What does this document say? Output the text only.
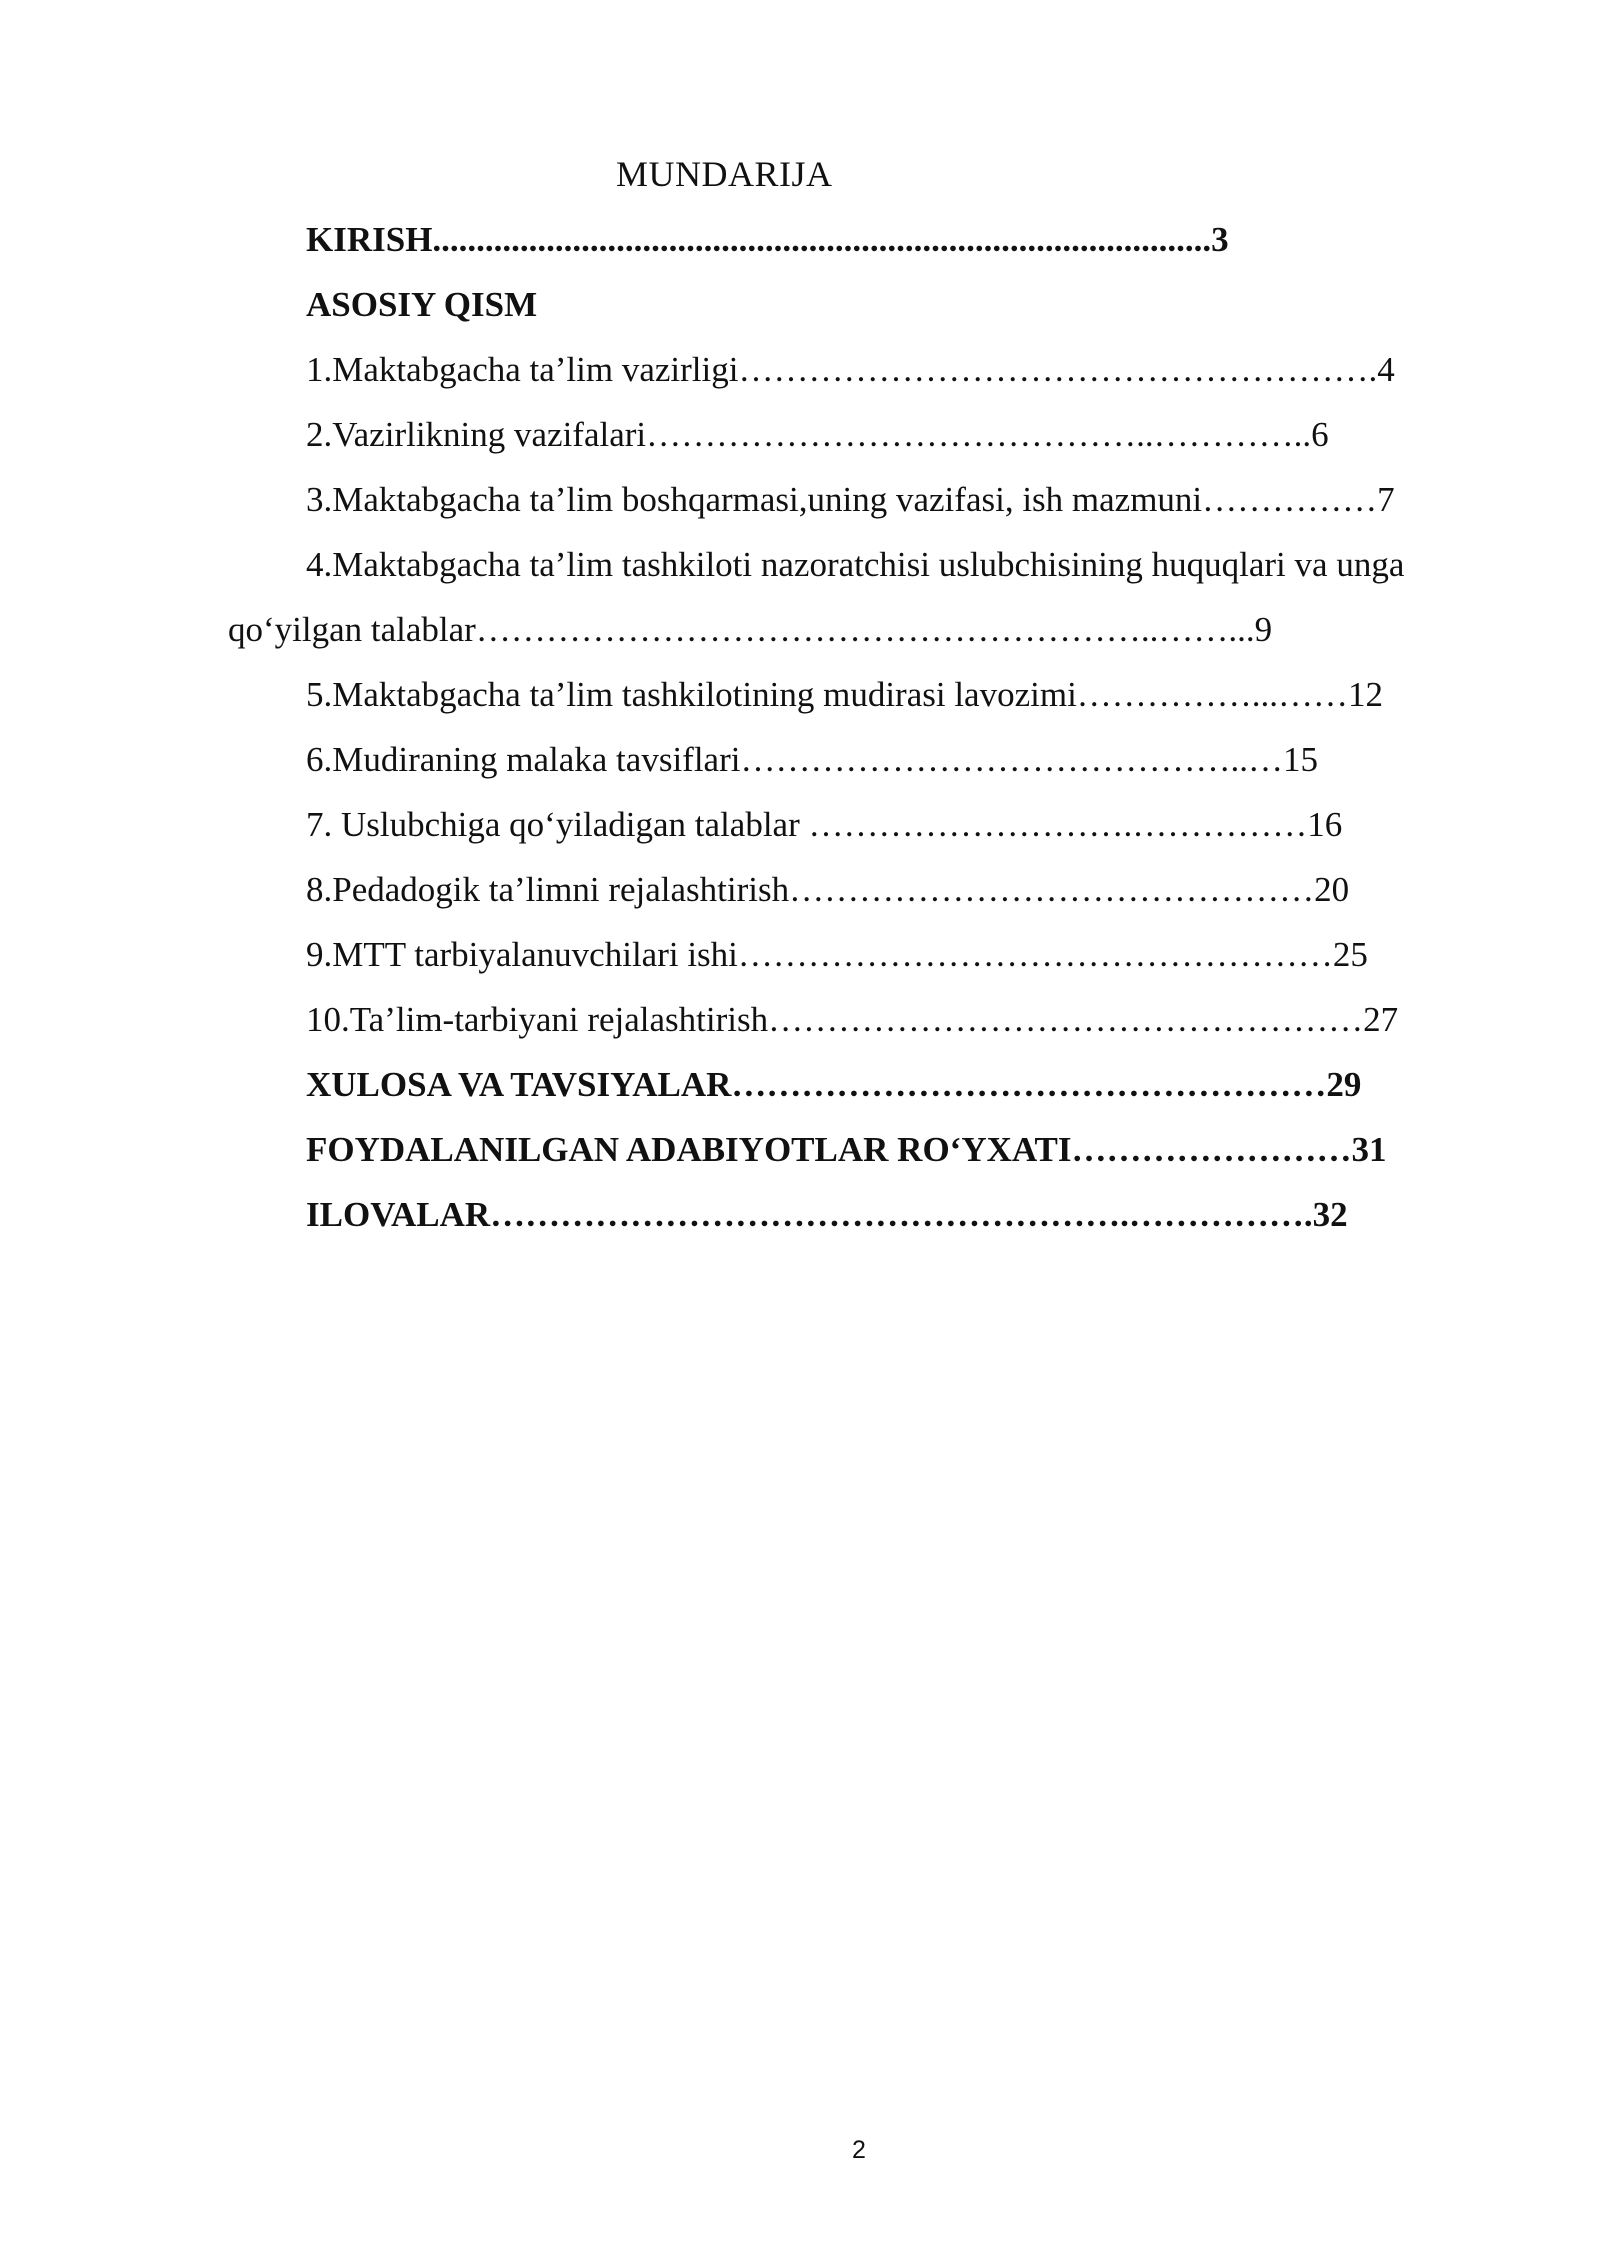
MUNDARIJA
KIRISH.........................................................................................3
ASOSIY QISM
1.Maktabgacha ta’lim vazirligi……………………………………………….4
2.Vazirlikning vazifalari……………………………………..…………..6
3.Maktabgacha ta’lim boshqarmasi,uning vazifasi, ish mazmuni……………7
4.Maktabgacha ta’lim tashkiloti nazoratchisi uslubchisining huquqlari va unga
qo‘yilgan talablar…………………………………………………..……...9
5.Maktabgacha ta’lim tashkilotining mudirasi lavozimi……………...……12
6.Mudiraning malaka tavsiflari……………………………………..…15
7. Uslubchiga qo‘yiladigan talablar ……………………….……………16
8.Pedadogik ta’limni rejalashtirish………………………………………20
9.MTT tarbiyalanuvchilari ishi……………………………………………25
10.Ta’lim-tarbiyani rejalashtirish……………………………………………27
XULOSA VA TAVSIYALAR……………………………………………29
FOYDALANILGAN ADABIYOTLAR RO‘YXATI……………………31
ILOVALAR……………………………………………….…………….32
2
